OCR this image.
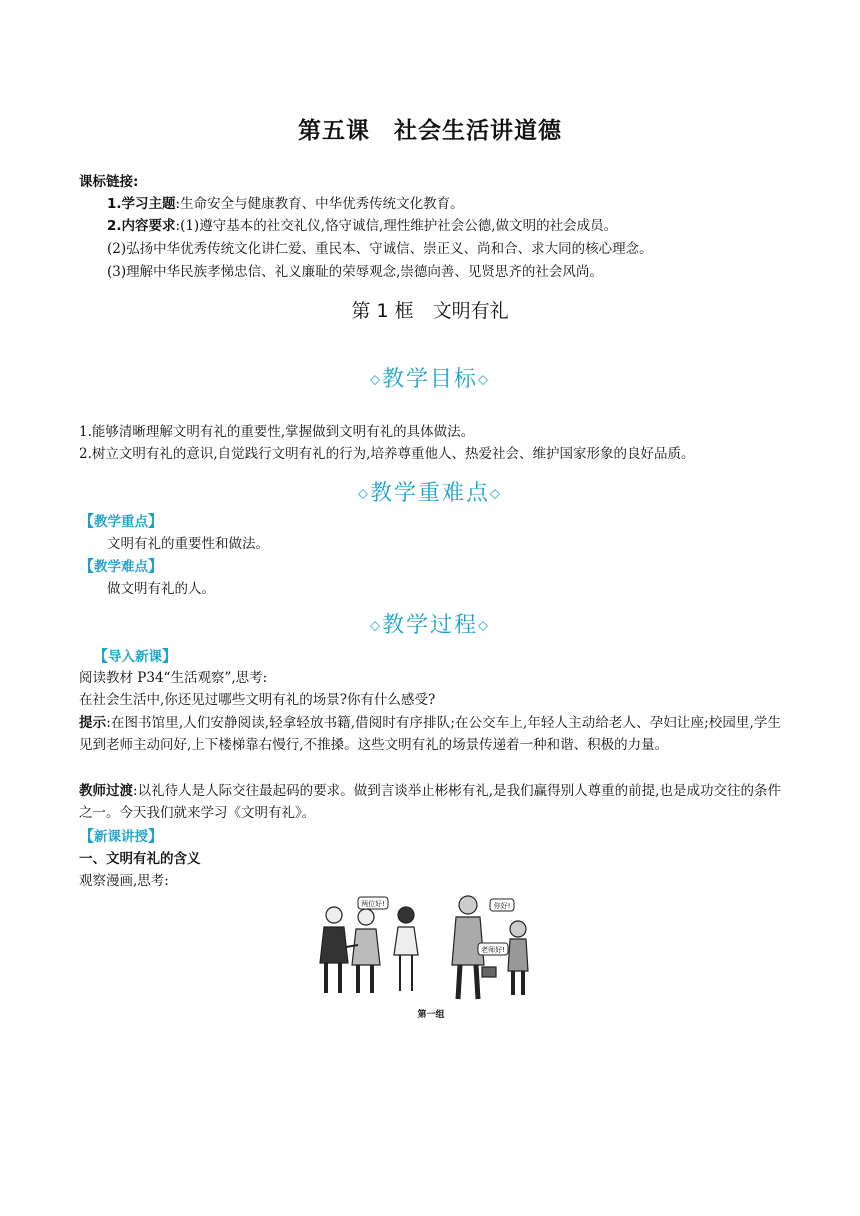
第五课　社会生活讲道德
课标链接:
1.学习主题:生命安全与健康教育、中华优秀传统文化教育。
2.内容要求:(1)遵守基本的社交礼仪,恪守诚信,理性维护社会公德,做文明的社会成员。
(2)弘扬中华优秀传统文化讲仁爱、重民本、守诚信、崇正义、尚和合、求大同的核心理念。
(3)理解中华民族孝悌忠信、礼义廉耻的荣辱观念,崇德向善、见贤思齐的社会风尚。
第 1 框　文明有礼
◇教学目标◇
1.能够清晰理解文明有礼的重要性,掌握做到文明有礼的具体做法。
2.树立文明有礼的意识,自觉践行文明有礼的行为,培养尊重他人、热爱社会、维护国家形象的良好品质。
◇教学重难点◇
【教学重点】
文明有礼的重要性和做法。
【教学难点】
做文明有礼的人。
◇教学过程◇
【导入新课】
阅读教材 P34“生活观察”,思考:
在社会生活中,你还见过哪些文明有礼的场景?你有什么感受?
提示:在图书馆里,人们安静阅读,轻拿轻放书籍,借阅时有序排队;在公交车上,年轻人主动给老人、孕妇让座;校园里,学生见到老师主动问好,上下楼梯靠右慢行,不推搡。这些文明有礼的场景传递着一种和谐、积极的力量。
教师过渡:以礼待人是人际交往最起码的要求。做到言谈举止彬彬有礼,是我们赢得别人尊重的前提,也是成功交往的条件之一。今天我们就来学习《文明有礼》。
【新课讲授】
一、文明有礼的含义
观察漫画,思考:
两位好!	你好!
老师好!
第一组
